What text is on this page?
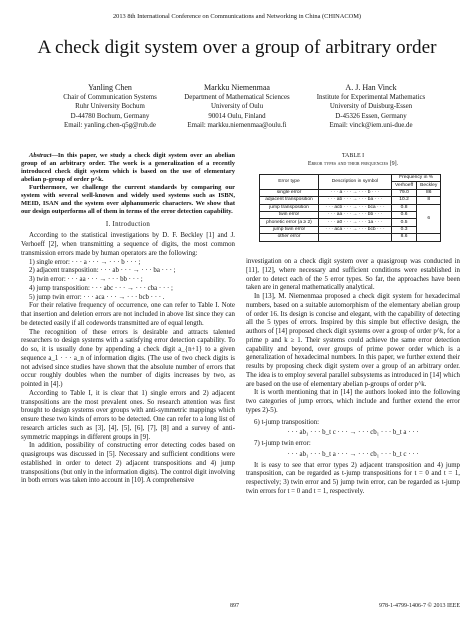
2013 8th International Conference on Communications and Networking in China (CHINACOM)
A check digit system over a group of arbitrary order
Yanling Chen
Chair of Communication Systems
Ruhr University Bochum
D-44780 Bochum, Germany
Email: yanling.chen-q5g@rub.de
Markku Niemenmaa
Department of Mathematical Sciences
University of Oulu
90014 Oulu, Finland
Email: markku.niemenmaa@oulu.fi
A. J. Han Vinck
Institute for Experimental Mathematics
University of Duisburg-Essen
D-45326 Essen, Germany
Email: vinck@iem.uni-due.de

Abstract—In this paper, we study a check digit system over an abelian group of an arbitrary order. The work is a generalization of a recently introduced check digit system which is based on the use of elementary abelian p-group of order p^k.

Furthermore, we challenge the current standards by comparing our system with several well-known and widely used systems such as ISBN, MEID, ISAN and the system over alphanumeric characters. We show that our design outperforms all of them in terms of the error detection capability.

I. Introduction

According to the statistical investigations by D. F. Beckley [1] and J. Verhoeff [2], when transmitting a sequence of digits, the most common transmission errors made by human operators are the following:

1) single error: · · · a · · · → · · · b · · · ;

2) adjacent transposition: · · · ab · · · → · · · ba · · · ;

3) twin error: · · · aa · · · → · · · bb · · · ;

4) jump transposition: · · · abc · · · → · · · cba · · · ;

5) jump twin error: · · · aca · · · → · · · bcb · · · .

For their relative frequency of occurrence, one can refer to Table I. Note that insertion and deletion errors are not included in above list since they can be detected easily if all codewords transmitted are of equal length.

The recognition of these errors is desirable and attracts talented researchers to design systems with a satisfying error detection capability. To do so, it is usually done by appending a check digit a_{n+1} to a given sequence a_1 · · · a_n of information digits. (The use of two check digits is not advised since studies have shown that the absolute number of errors that occur roughly doubles when the number of digits increases by two, as pointed in [4].)

According to Table I, it is clear that 1) single errors and 2) adjacent transpositions are the most prevalent ones. So research attention was first brought to design systems over groups with anti-symmetric mappings which ensure these two kinds of errors to be detected. One can refer to a long list of research articles such as [3], [4], [5], [6], [7], [8] and a survey of anti-symmetric mappings in different groups in [9].

In addition, possibility of constructing error detecting codes based on quasigroups was discussed in [5]. Necessary and sufficient conditions were established in order to detect 2) adjacent transpositions and 4) jump transpositions (but only in the information digits). The control digit involving in both errors was taken into account in [10]. A comprehensive

TABLE I
Error types and their frequencies [9].
Error type	Description in symbol	Frequency in %	
		Verhoeff	Beckley
single error	· · · a · · · → · · · b · · ·	79.0	86
adjacent transposition	· · · ab · · · → · · · ba · · ·	10.2	8
jump transposition	· · · acb · · · → · · · bca · · ·	0.8	6
twin error	· · · aa · · · → · · · bb · · ·	0.6	
phonetic error (a ≥ 2)	· · · a0 · · · → · · · 1a · · ·	0.5	
jump twin error	· · · aca · · · → · · · bcb · · ·	0.3	
other error		8.6	

investigation on a check digit system over a quasigroup was conducted in [11], [12], where necessary and sufficient conditions were established in order to detect each of the 5 error types. So far, the approaches have been taken are in general mathematically analytical.

In [13], M. Niemenmaa proposed a check digit system for hexadecimal numbers, based on a suitable automorphism of the elementary abelian group of order 16. Its design is concise and elegant, with the capability of detecting all the 5 types of errors. Inspired by this simple but effective design, the authors of [14] proposed check digit systems over a group of order p^k, for a prime p and k ≥ 1. Their systems could achieve the same error detection capability and beyond, over groups of prime power order which is a generalization of hexadecimal numbers. In this paper, we further extend their results by proposing check digit system over a group of an arbitrary order. The idea is to employ several parallel subsystems as introduced in [14] which are based on the use of elementary abelian p-groups of order p^k.

It is worth mentioning that in [14] the authors looked into the following two categories of jump errors, which include and further extend the error types 2)-5).

6) t-jump transposition:

· · · ab₁ · · · b_t c · · · → · · · cb₁ · · · b_t a · · ·

7) t-jump twin error:

· · · ab₁ · · · b_t a · · · → · · · cb₁ · · · b_t c · · ·

It is easy to see that error types 2) adjacent transposition and 4) jump transposition, can be regarded as t-jump transpositions for t = 0 and t = 1, respectively; 3) twin error and 5) jump twin error, can be regarded as t-jump twin errors for t = 0 and t = 1, respectively.

897	978-1-4799-1406-7 © 2013 IEEE
